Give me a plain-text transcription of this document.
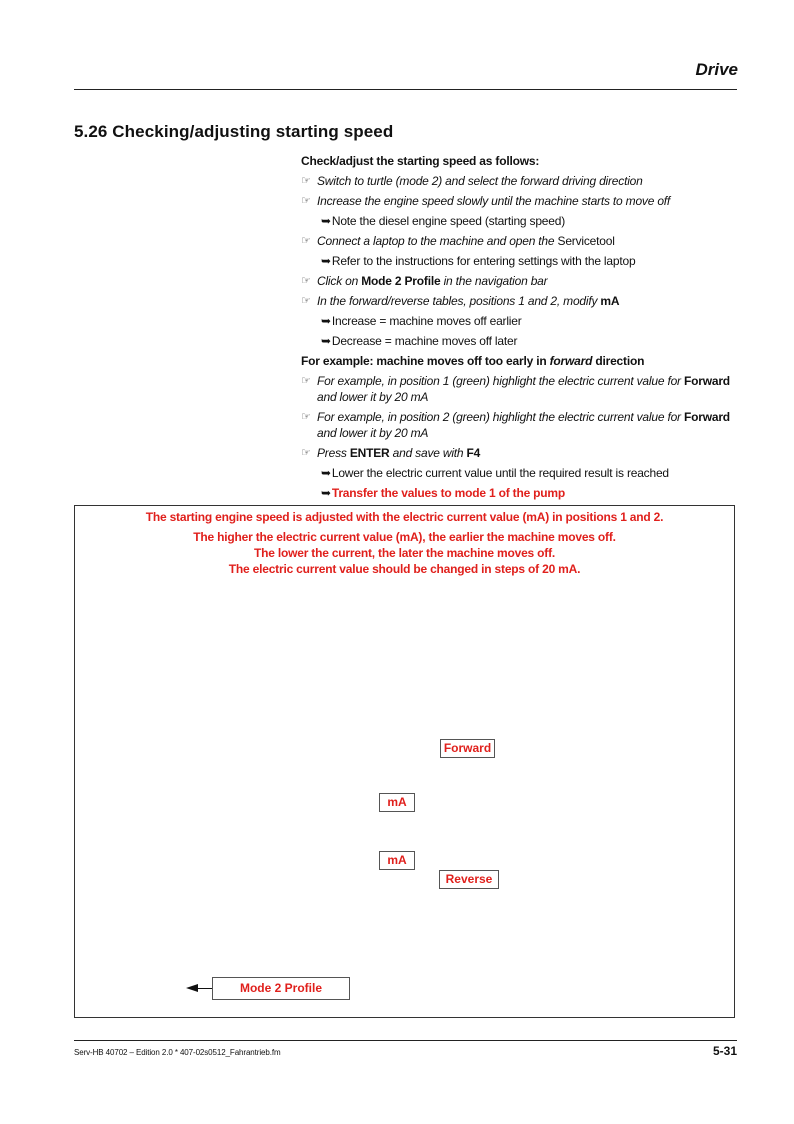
Drive
5.26 Checking/adjusting starting speed
Check/adjust the starting speed as follows:
☞ Switch to turtle (mode 2) and select the forward driving direction
☞ Increase the engine speed slowly until the machine starts to move off
➥Note the diesel engine speed (starting speed)
☞ Connect a laptop to the machine and open the Servicetool
➥Refer to the instructions for entering settings with the laptop
☞ Click on Mode 2 Profile in the navigation bar
☞ In the forward/reverse tables, positions 1 and 2, modify mA
➥Increase = machine moves off earlier
➥Decrease = machine moves off later
For example: machine moves off too early in forward direction
☞ For example, in position 1 (green) highlight the electric current value for Forward and lower it by 20 mA
☞ For example, in position 2 (green) highlight the electric current value for Forward and lower it by 20 mA
☞ Press ENTER and save with F4
➥Lower the electric current value until the required result is reached
➥Transfer the values to mode 1 of the pump
The starting engine speed is adjusted with the electric current value (mA) in positions 1 and 2.
The higher the electric current value (mA), the earlier the machine moves off.
The lower the current, the later the machine moves off.
The electric current value should be changed in steps of 20 mA.
Forward
mA
mA
Reverse
Mode 2 Profile
Serv-HB 40702 – Edition 2.0 * 407-02s0512_Fahrantrieb.fm	5-31
